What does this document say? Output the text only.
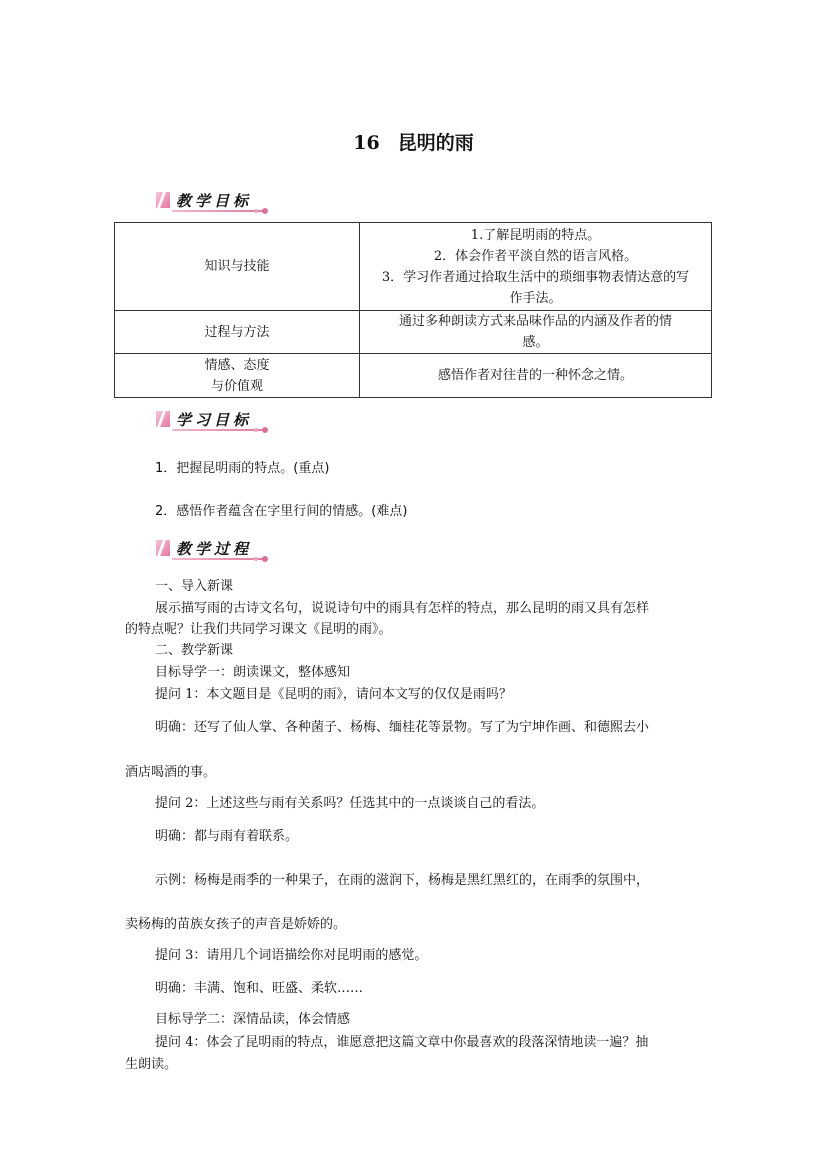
16 昆明的雨
教学目标
知识与技能	1.了解昆明雨的特点。
2．体会作者平淡自然的语言风格。
3．学习作者通过拾取生活中的琐细事物表情达意的写
作手法。

过程与方法	通过多种朗读方式来品味作品的内涵及作者的情
感。

情感、态度
与价值观	感悟作者对往昔的一种怀念之情。
学习目标
1．把握昆明雨的特点。(重点)
2．感悟作者蕴含在字里行间的情感。(难点)
教学过程
一、导入新课
展示描写雨的古诗文名句，说说诗句中的雨具有怎样的特点，那么昆明的雨又具有怎样
的特点呢？让我们共同学习课文《昆明的雨》。
二、教学新课
目标导学一：朗读课文，整体感知
提问 1：本文题目是《昆明的雨》，请问本文写的仅仅是雨吗？
明确：还写了仙人掌、各种菌子、杨梅、缅桂花等景物。写了为宁坤作画、和德熙去小
酒店喝酒的事。
提问 2：上述这些与雨有关系吗？任选其中的一点谈谈自己的看法。
明确：都与雨有着联系。
示例：杨梅是雨季的一种果子，在雨的滋润下，杨梅是黑红黑红的，在雨季的氛围中，
卖杨梅的苗族女孩子的声音是娇娇的。
提问 3：请用几个词语描绘你对昆明雨的感觉。
明确：丰满、饱和、旺盛、柔软……
目标导学二：深情品读，体会情感
提问 4：体会了昆明雨的特点，谁愿意把这篇文章中你最喜欢的段落深情地读一遍？抽
生朗读。
